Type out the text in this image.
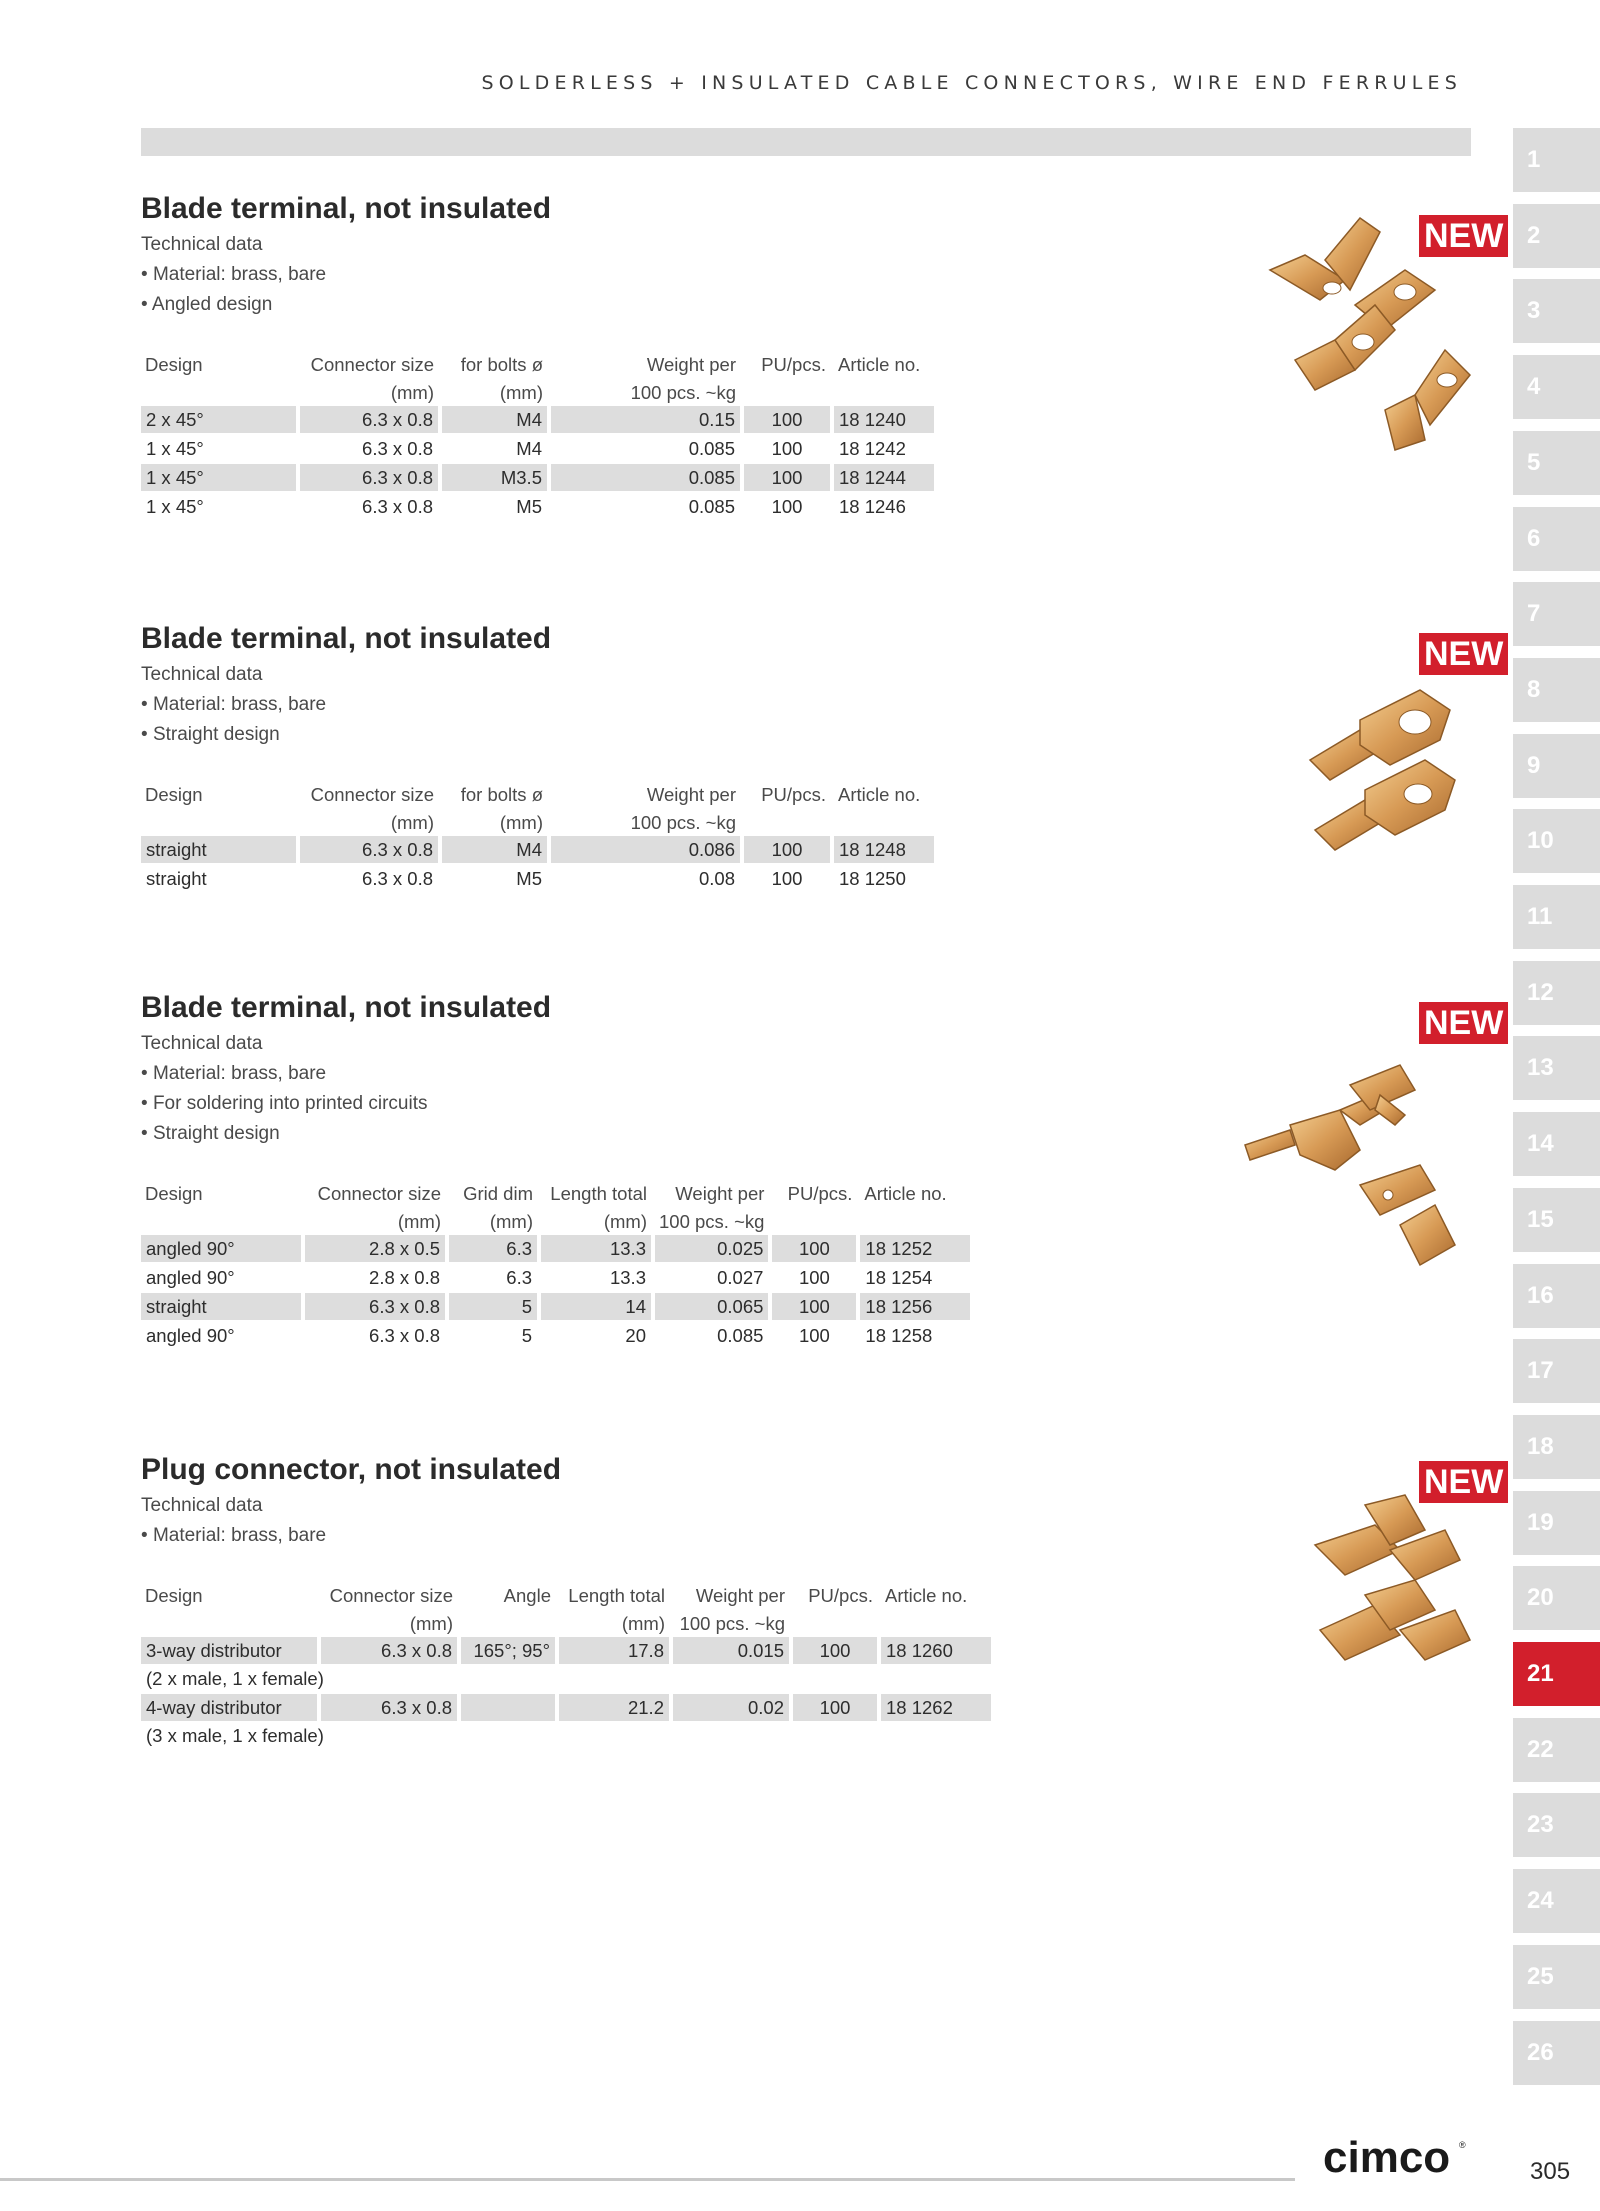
SOLDERLESS + INSULATED CABLE CONNECTORS, WIRE END FERRULES
Blade terminal, not insulated
Technical data
• Material: brass, bare
• Angled design
Design	Connector size	for bolts ø	Weight per	PU/pcs.	Article no.
	(mm)	(mm)	100 pcs. ~kg		
2 x 45°	6.3 x 0.8	M4	0.15	100	18 1240
1 x 45°	6.3 x 0.8	M4	0.085	100	18 1242
1 x 45°	6.3 x 0.8	M3.5	0.085	100	18 1244
1 x 45°	6.3 x 0.8	M5	0.085	100	18 1246
Blade terminal, not insulated
Technical data
• Material: brass, bare
• Straight design
Design	Connector size	for bolts ø	Weight per	PU/pcs.	Article no.
	(mm)	(mm)	100 pcs. ~kg		
straight	6.3 x 0.8	M4	0.086	100	18 1248
straight	6.3 x 0.8	M5	0.08	100	18 1250
Blade terminal, not insulated
Technical data
• Material: brass, bare
• For soldering into printed circuits
• Straight design
Design	Connector size	Grid dim	Length total	Weight per	PU/pcs.	Article no.
	(mm)	(mm)	(mm)	100 pcs. ~kg		
angled 90°	2.8 x 0.5	6.3	13.3	0.025	100	18 1252
angled 90°	2.8 x 0.8	6.3	13.3	0.027	100	18 1254
straight	6.3 x 0.8	5	14	0.065	100	18 1256
angled 90°	6.3 x 0.8	5	20	0.085	100	18 1258
Plug connector, not insulated
Technical data
• Material: brass, bare
Design	Connector size	Angle	Length total	Weight per	PU/pcs.	Article no.
	(mm)		(mm)	100 pcs. ~kg		
3-way distributor	6.3 x 0.8	165°; 95°	17.8	0.015	100	18 1260
(2 x male, 1 x female)						
4-way distributor	6.3 x 0.8		21.2	0.02	100	18 1262
(3 x male, 1 x female)						
NEW
NEW
NEW
NEW
1
2
3
4
5
6
7
8
9
10
11
12
13
14
15
16
17
18
19
20
21
22
23
24
25
26
cimco ®
305
